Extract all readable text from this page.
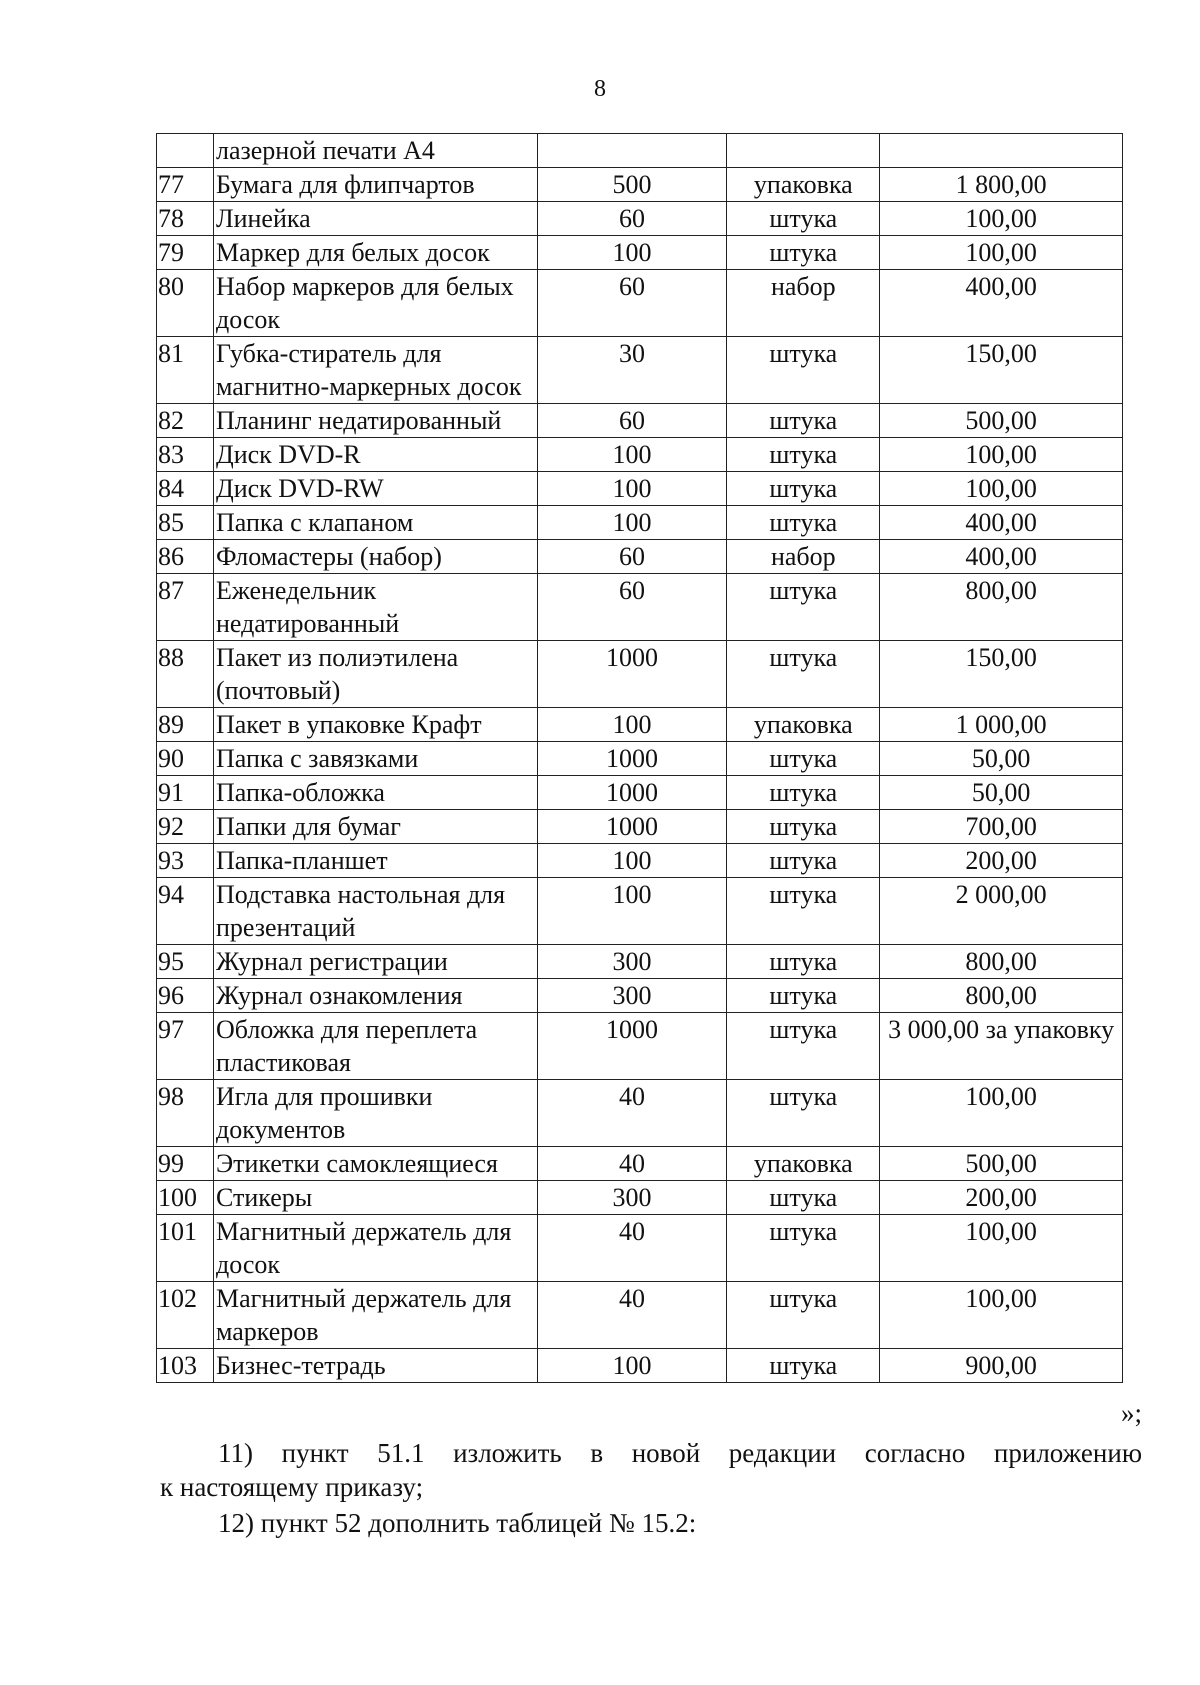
8
	лазерной печати А4			
77	Бумага для флипчартов	500	упаковка	1 800,00
78	Линейка	60	штука	100,00
79	Маркер для белых досок	100	штука	100,00
80	Набор маркеров для белых досок	60	набор	400,00
81	Губка-стиратель для магнитно-маркерных досок	30	штука	150,00
82	Планинг недатированный	60	штука	500,00
83	Диск DVD-R	100	штука	100,00
84	Диск DVD-RW	100	штука	100,00
85	Папка с клапаном	100	штука	400,00
86	Фломастеры (набор)	60	набор	400,00
87	Еженедельник недатированный	60	штука	800,00
88	Пакет из полиэтилена (почтовый)	1000	штука	150,00
89	Пакет в упаковке Крафт	100	упаковка	1 000,00
90	Папка с завязками	1000	штука	50,00
91	Папка-обложка	1000	штука	50,00
92	Папки для бумаг	1000	штука	700,00
93	Папка-планшет	100	штука	200,00
94	Подставка настольная для презентаций	100	штука	2 000,00
95	Журнал регистрации	300	штука	800,00
96	Журнал ознакомления	300	штука	800,00
97	Обложка для переплета пластиковая	1000	штука	3 000,00 за упаковку
98	Игла для прошивки документов	40	штука	100,00
99	Этикетки самоклеящиеся	40	упаковка	500,00
100	Стикеры	300	штука	200,00
101	Магнитный держатель для досок	40	штука	100,00
102	Магнитный держатель для маркеров	40	штука	100,00
103	Бизнес-тетрадь	100	штука	900,00
»;
11) пункт 51.1 изложить в новой редакции согласно приложению
к настоящему приказу;
12) пункт 52 дополнить таблицей № 15.2:
